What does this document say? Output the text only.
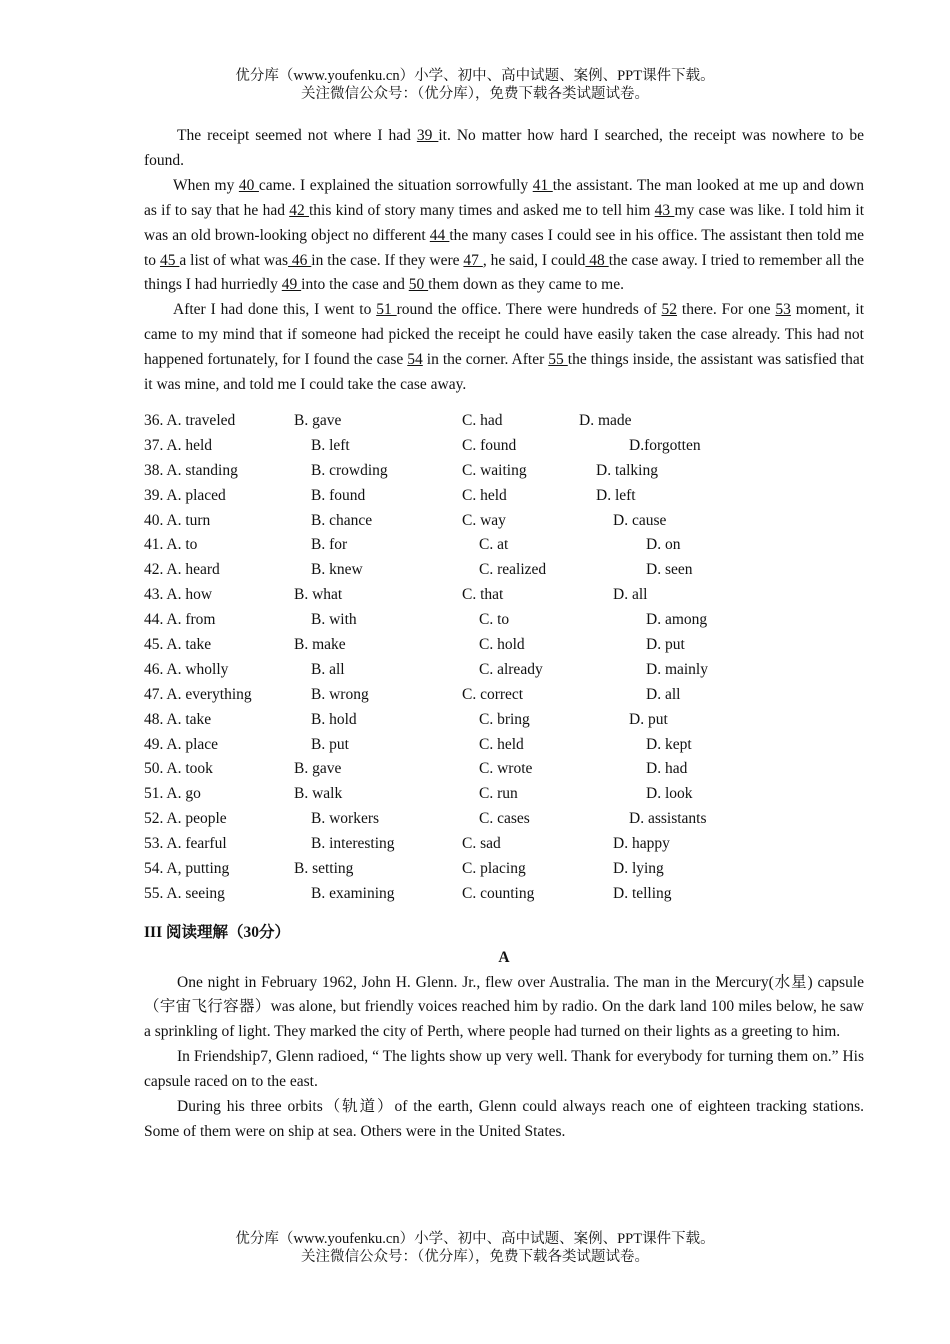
优分库（www.youfenku.cn）小学、初中、高中试题、案例、PPT课件下载。
关注微信公众号：（优分库），免费下载各类试题试卷。

The receipt seemed not where I had 39 it. No matter how hard I searched, the receipt was nowhere to be found.

When my 40 came. I explained the situation sorrowfully 41 the assistant. The man looked at me up and down as if to say that he had 42 this kind of story many times and asked me to tell him 43 my case was like. I told him it was an old brown-looking object no different 44 the many cases I could see in his office. The assistant then told me to 45 a list of what was 46 in the case. If they were 47 , he said, I could 48 the case away. I tried to remember all the things I had hurriedly 49 into the case and 50 them down as they came to me.

After I had done this, I went to 51 round the office. There were hundreds of 52 there. For one 53 moment, it came to my mind that if someone had picked the receipt he could have easily taken the case already. This had not happened fortunately, for I found the case 54 in the corner. After 55 the things inside, the assistant was satisfied that it was mine, and told me I could take the case away.

36. A. traveled	B. gave	C. had	D. made
37. A. held	B. left	C. found	D.forgotten
38. A. standing	B. crowding	C. waiting	D. talking
39. A. placed	B. found	C. held	D. left
40. A. turn	B. chance	C. way	D. cause
41. A. to	B. for	C. at	D. on
42. A. heard	B. knew	C. realized	D. seen
43. A. how	B. what	C. that	D. all
44. A. from	B. with	C. to	D. among
45. A. take	B. make	C. hold	D. put
46. A. wholly	B. all	C. already	D. mainly
47. A. everything	B. wrong	C. correct	D. all
48. A. take	B. hold	C. bring	D. put
49. A. place	B. put	C. held	D. kept
50. A. took	B. gave	C. wrote	D. had
51. A. go	B. walk	C. run	D. look
52. A. people	B. workers	C. cases	D. assistants
53. A. fearful	B. interesting	C. sad	D. happy
54. A, putting	B. setting	C. placing	D. lying
55. A. seeing	B. examining	C. counting	D. telling
III 阅读理解（30分）
A

One night in February 1962, John H. Glenn. Jr., flew over Australia. The man in the Mercury(水星) capsule（宇宙飞行容器）was alone, but friendly voices reached him by radio. On the dark land 100 miles below, he saw a sprinkling of light. They marked the city of Perth, where people had turned on their lights as a greeting to him.

In Friendship7, Glenn radioed, “ The lights show up very well. Thank for everybody for turning them on.” His capsule raced on to the east.

During his three orbits（轨道）of the earth, Glenn could always reach one of eighteen tracking stations. Some of them were on ship at sea. Others were in the United States.

优分库（www.youfenku.cn）小学、初中、高中试题、案例、PPT课件下载。
关注微信公众号：（优分库），免费下载各类试题试卷。
